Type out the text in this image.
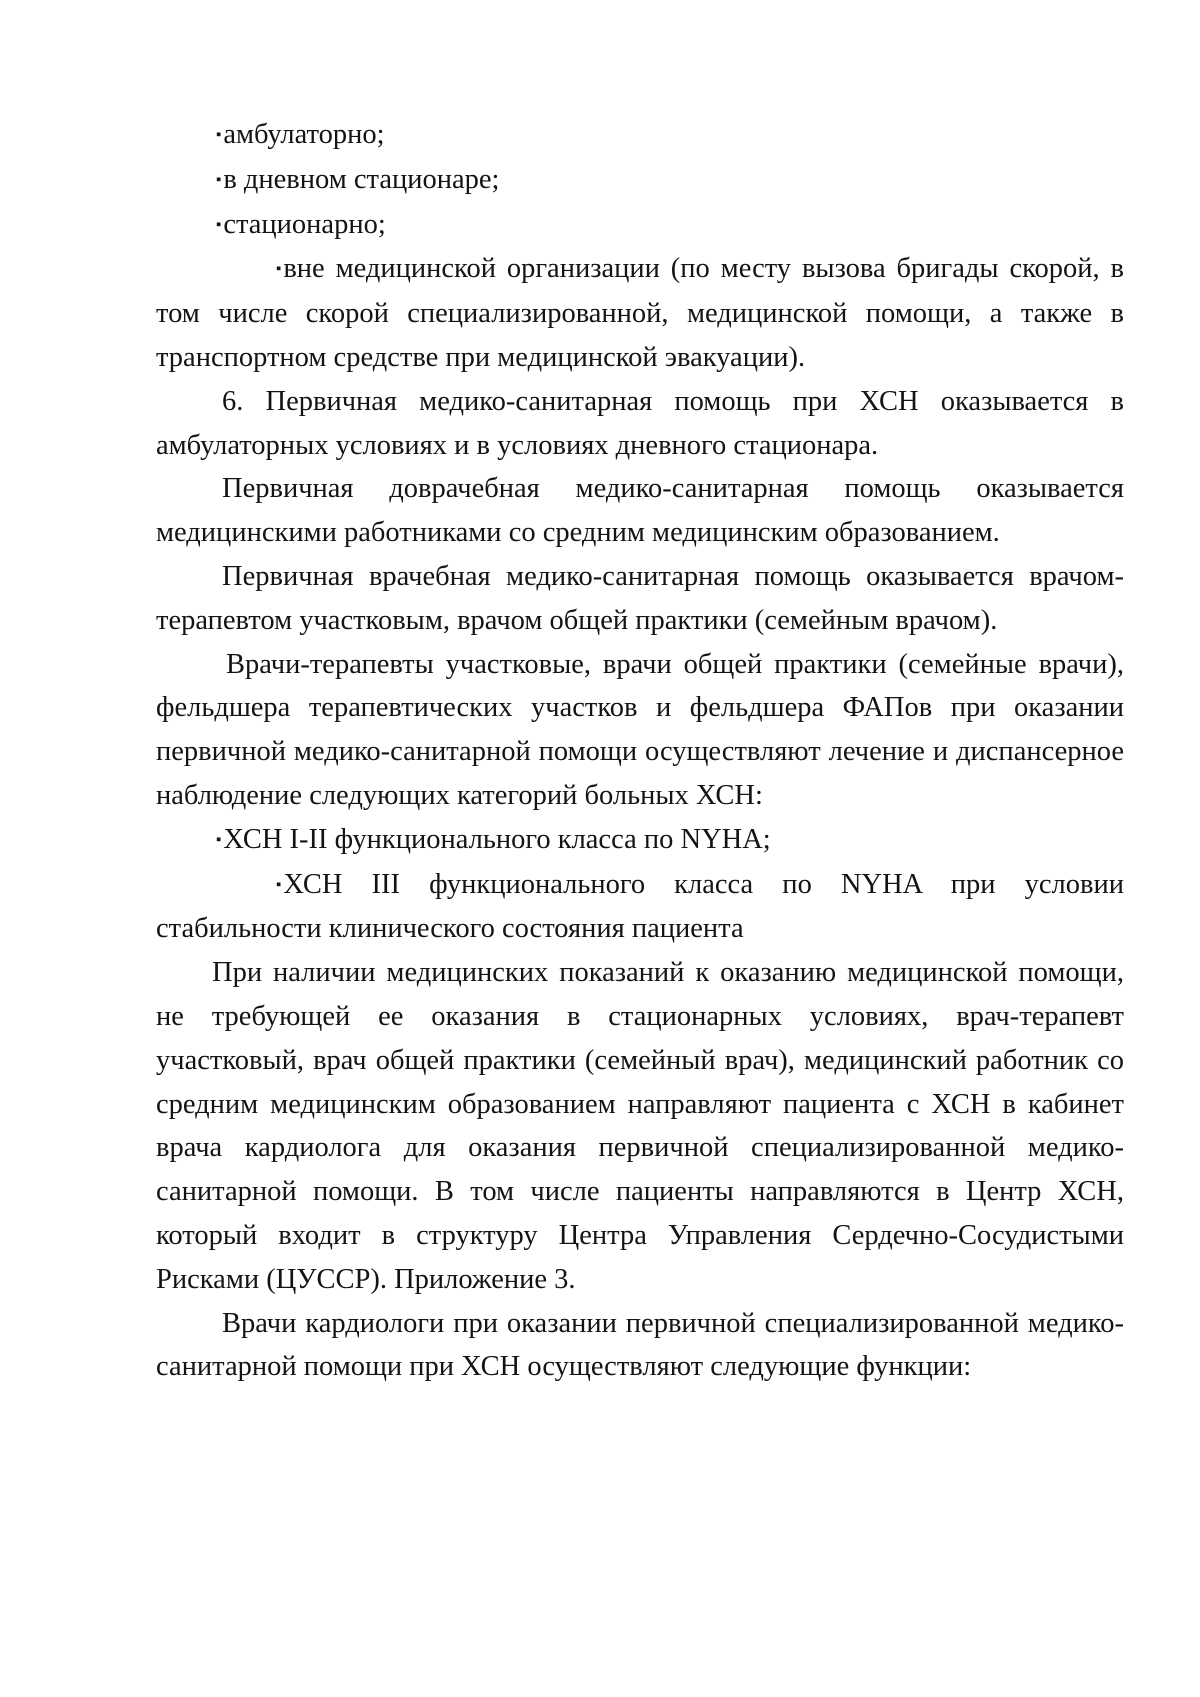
▪амбулаторно;

▪в дневном стационаре;

▪стационарно;

▪вне медицинской организации (по месту вызова бригады скорой, в том числе скорой специализированной, медицинской помощи, а также в транспортном средстве при медицинской эвакуации).

6. Первичная медико-санитарная помощь при ХСН оказывается в амбулаторных условиях и в условиях дневного стационара.

Первичная доврачебная медико-санитарная помощь оказывается медицинскими работниками со средним медицинским образованием.

Первичная врачебная медико-санитарная помощь оказывается врачом-терапевтом участковым, врачом общей практики (семейным врачом).

Врачи-терапевты участковые, врачи общей практики (семейные врачи), фельдшера терапевтических участков и фельдшера ФАПов при оказании первичной медико-санитарной помощи осуществляют лечение и диспансерное наблюдение следующих категорий больных ХСН:

▪ХСН I-II функционального класса по NYHA;

▪ХСН III функционального класса по NYHA при условии стабильности клинического состояния пациента

При наличии медицинских показаний к оказанию медицинской помощи, не требующей ее оказания в стационарных условиях, врач-терапевт участковый, врач общей практики (семейный врач), медицинский работник со средним медицинским образованием направляют пациента с ХСН в кабинет врача кардиолога для оказания первичной специализированной медико-санитарной помощи. В том числе пациенты направляются в Центр ХСН, который входит в структуру Центра Управления Сердечно-Сосудистыми Рисками (ЦУССР). Приложение 3.

Врачи кардиологи при оказании первичной специализированной медико-санитарной помощи при ХСН осуществляют следующие функции:
